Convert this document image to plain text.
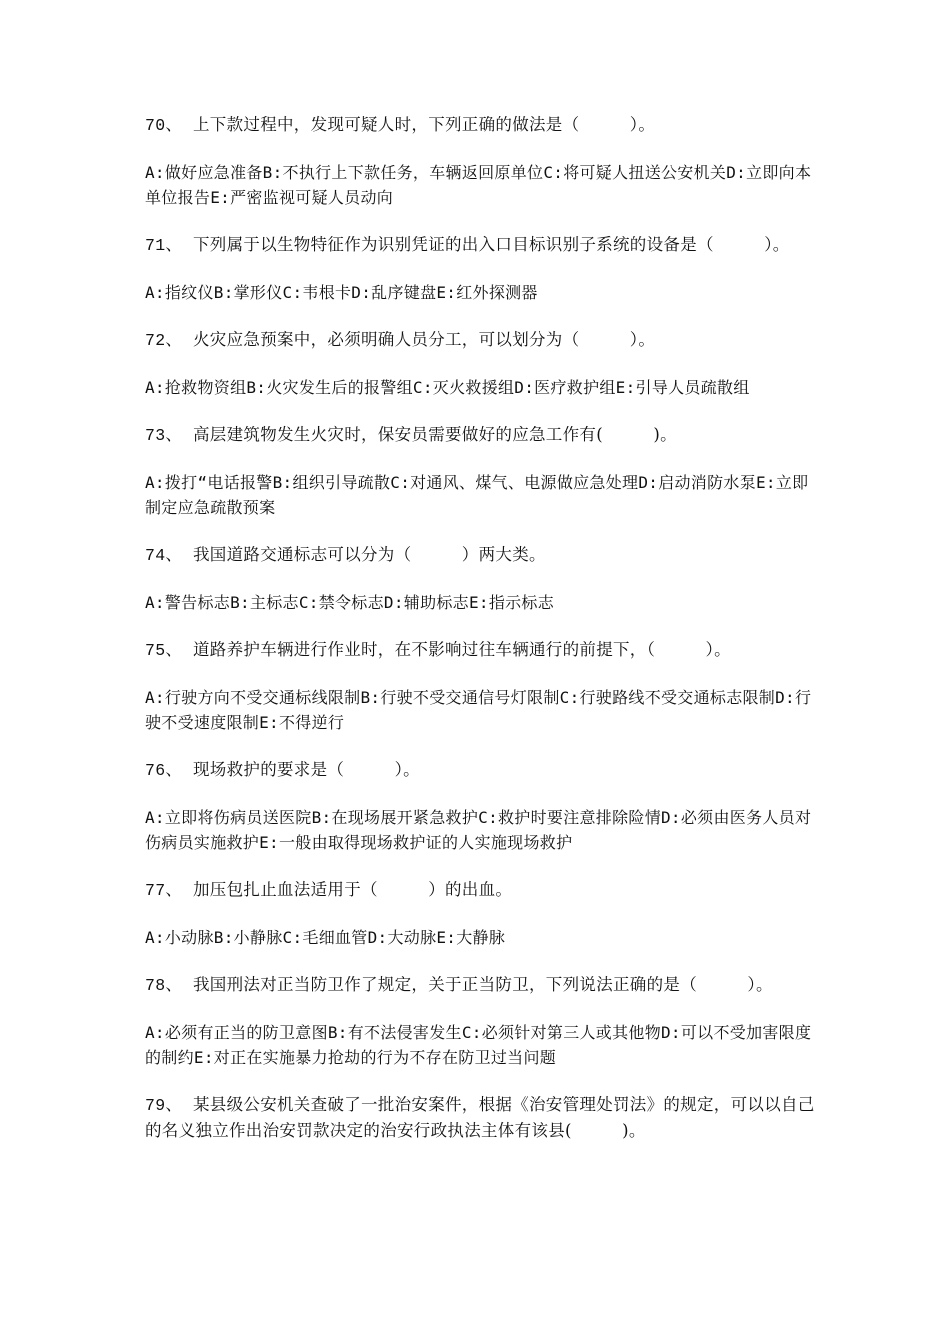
70、 上下款过程中，发现可疑人时，下列正确的做法是（　　　）。

A:做好应急准备B:不执行上下款任务，车辆返回原单位C:将可疑人扭送公安机关D:立即向本单位报告E:严密监视可疑人员动向

71、 下列属于以生物特征作为识别凭证的出入口目标识别子系统的设备是（　　　）。

A:指纹仪B:掌形仪C:韦根卡D:乱序键盘E:红外探测器

72、 火灾应急预案中，必须明确人员分工，可以划分为（　　　）。

A:抢救物资组B:火灾发生后的报警组C:灭火救援组D:医疗救护组E:引导人员疏散组

73、 高层建筑物发生火灾时，保安员需要做好的应急工作有(　　　)。

A:拨打“电话报警B:组织引导疏散C:对通风、煤气、电源做应急处理D:启动消防水泵E:立即制定应急疏散预案

74、 我国道路交通标志可以分为（　　　）两大类。

A:警告标志B:主标志C:禁令标志D:辅助标志E:指示标志

75、 道路养护车辆进行作业时，在不影响过往车辆通行的前提下，（　　　）。

A:行驶方向不受交通标线限制B:行驶不受交通信号灯限制C:行驶路线不受交通标志限制D:行驶不受速度限制E:不得逆行

76、 现场救护的要求是（　　　）。

A:立即将伤病员送医院B:在现场展开紧急救护C:救护时要注意排除险情D:必须由医务人员对伤病员实施救护E:一般由取得现场救护证的人实施现场救护

77、 加压包扎止血法适用于（　　　）的出血。

A:小动脉B:小静脉C:毛细血管D:大动脉E:大静脉

78、 我国刑法对正当防卫作了规定，关于正当防卫，下列说法正确的是（　　　）。

A:必须有正当的防卫意图B:有不法侵害发生C:必须针对第三人或其他物D:可以不受加害限度的制约E:对正在实施暴力抢劫的行为不存在防卫过当问题

79、 某县级公安机关查破了一批治安案件，根据《治安管理处罚法》的规定，可以以自己的名义独立作出治安罚款决定的治安行政执法主体有该县(　　　)。
